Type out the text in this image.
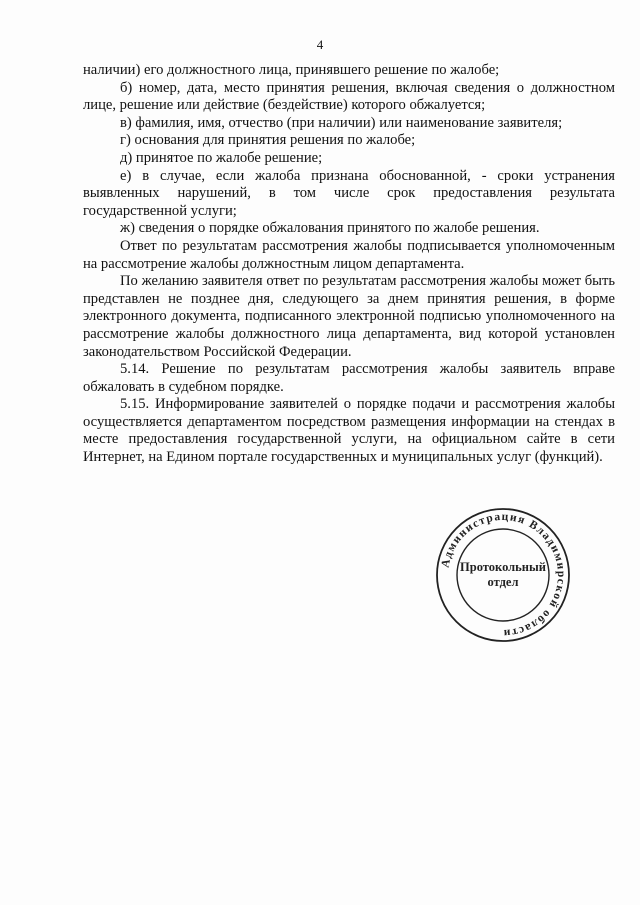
4

наличии) его должностного лица, принявшего решение по жалобе;

б) номер, дата, место принятия решения, включая сведения о должностном лице, решение или действие (бездействие) которого обжалуется;

в) фамилия, имя, отчество (при наличии) или наименование заявителя;

г) основания для принятия решения по жалобе;

д) принятое по жалобе решение;

е) в случае, если жалоба признана обоснованной, - сроки устранения выявленных нарушений, в том числе срок предоставления результата государственной услуги;

ж) сведения о порядке обжалования принятого по жалобе решения.

Ответ по результатам рассмотрения жалобы подписывается уполномоченным на рассмотрение жалобы должностным лицом департамента.

По желанию заявителя ответ по результатам рассмотрения жалобы может быть представлен не позднее дня, следующего за днем принятия решения, в форме электронного документа, подписанного электронной подписью уполномоченного на рассмотрение жалобы должностного лица департамента, вид которой установлен законодательством Российской Федерации.

5.14. Решение по результатам рассмотрения жалобы заявитель вправе обжаловать в судебном порядке.

5.15. Информирование заявителей о порядке подачи и рассмотрения жалобы осуществляется департаментом посредством размещения информации на стендах в месте предоставления государственной услуги, на официальном сайте в сети Интернет, на Едином портале государственных и муниципальных услуг (функций).

Администрация Владимирской области
Протокольный
отдел
